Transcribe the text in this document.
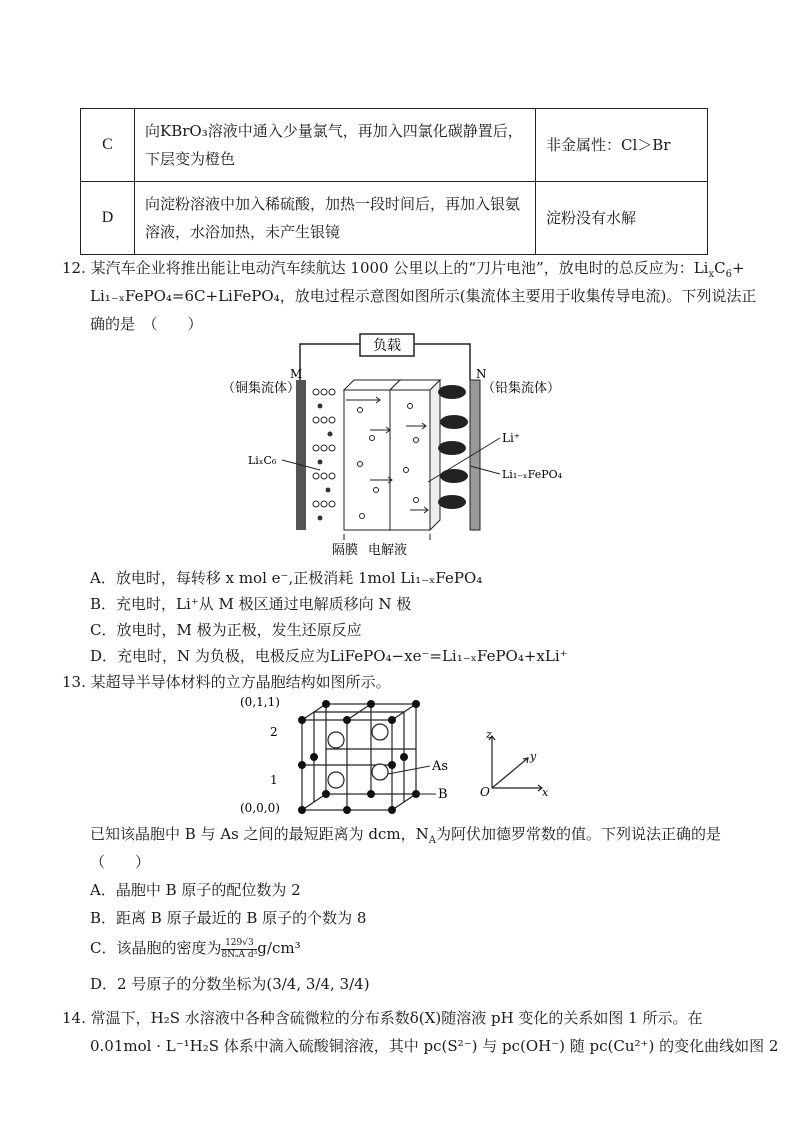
C	向KBrO₃溶液中通入少量氯气，再加入四氯化碳静置后，
下层变为橙色	非金属性：Cl＞Br
D	向淀粉溶液中加入稀硫酸，加热一段时间后，再加入银氨
溶液，水浴加热，未产生银镜	淀粉没有水解
12. 某汽车企业将推出能让电动汽车续航达 1000 公里以上的“刀片电池”，放电时的总反应为：$Li_xC_6+$
Li₁₋ₓFePO₄=6C+LiFePO₄，放电过程示意图如图所示(集流体主要用于收集传导电流)。下列说法正
确的是　（　　）
负载
M
（铜集流体）
N
（铅集流体）
Li⁺
Li₁₋ₓFePO₄
LiₓC₆
隔膜 电解液
A．放电时，每转移 x mol e⁻,正极消耗 1mol Li₁₋ₓFePO₄
B．充电时，Li⁺从 M 极区通过电解质移向 N 极
C．放电时，M 极为正极，发生还原反应
D．充电时，N 为负极，电极反应为LiFePO₄−xe⁻=Li₁₋ₓFePO₄+xLi⁺
13. 某超导半导体材料的立方晶胞结构如图所示。
(0,1,1)
(0,0,0)
2
1
As
B
z
y
x
O
已知该晶胞中 B 与 As 之间的最短距离为 dcm，$N_A$为阿伏加德罗常数的值。下列说法正确的是
（　　）
A．晶胞中 B 原子的配位数为 2
B．距离 B 原子最近的 B 原子的个数为 8
C．该晶胞的密度为 $\frac{129√3}{\text{8NₐA d³}} g/cm^3$
D．2 号原子的分数坐标为(3/4, 3/4, 3/4)
14. 常温下，H₂S 水溶液中各种含硫微粒的分布系数δ(X)随溶液 pH 变化的关系如图 1 所示。在
0.01mol · L⁻¹H₂S 体系中滴入硫酸铜溶液，其中 pc(S²⁻) 与 pc(OH⁻) 随 pc(Cu²⁺) 的变化曲线如图 2
